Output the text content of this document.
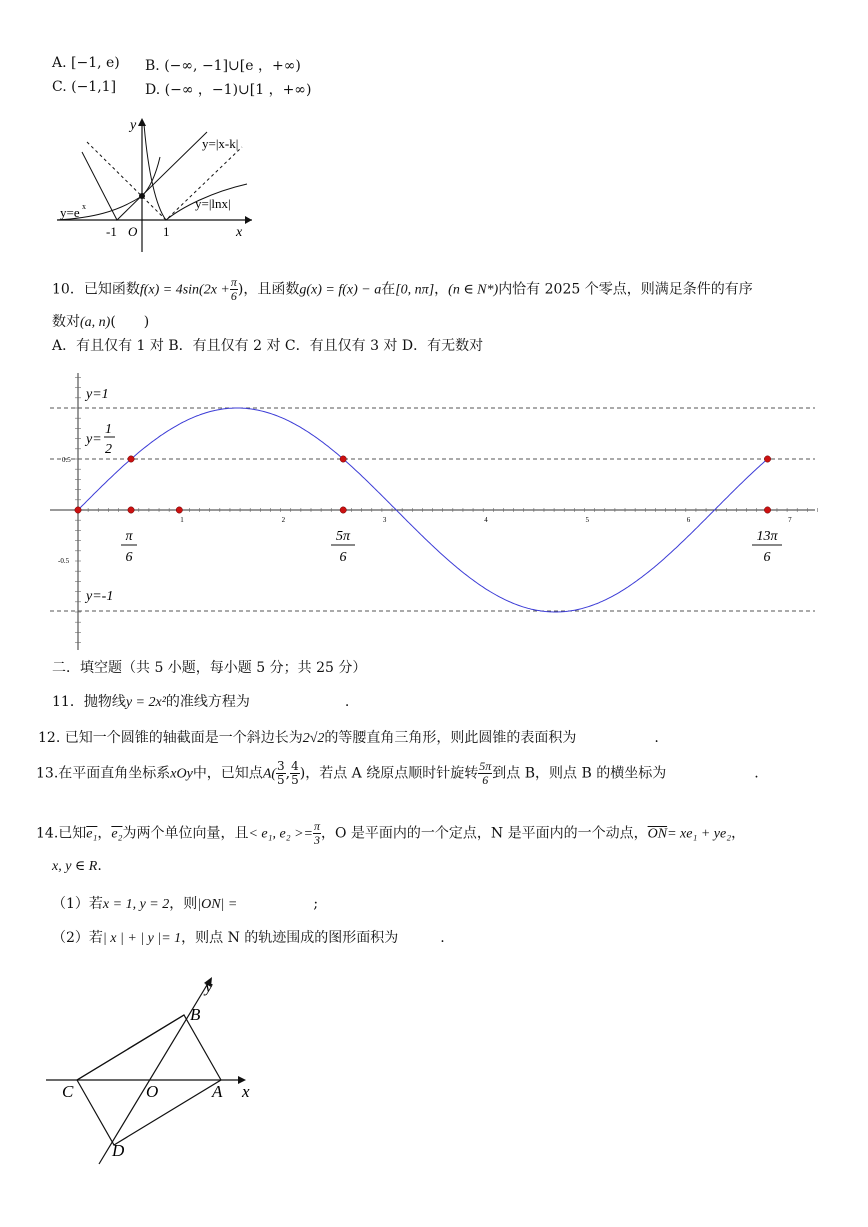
A. [−1, e) B. (−∞, −1]∪[e ，+∞)
C. (−1,1] D. (−∞ ，−1)∪[1 ，+∞)
y
x
y=|x-k|
y=e x	y=|lnx|
-1 O 1
10．已知函数$f(x) = 4\sin(2x + \frac{\pi}{6}$ )，且函数g(x) = f(x) − a在[0, nπ]，(n ∈ N*)内恰有 2025 个零点，则满足条件的有序
数对(a, n)(　　)
A．有且仅有 1 对 B．有且仅有 2 对 C．有且仅有 3 对 D．有无数对
y=1
y=
1
2
y=-1
0.5
-0.5
1	2	3	4	5	6	7
π
6
5π
6
13π
6
二．填空题（共 5 小题，每小题 5 分；共 25 分）
11．抛物线y = 2x²的准线方程为	.
12. 已知一个圆锥的轴截面是一个斜边长为2√2的等腰直角三角形，则此圆锥的表面积为	.
13.在平面直角坐标系xOy中，已知点$A( \frac{3}{5}$ , $\frac{4}{5}$ )，若点 A 绕原点顺时针旋转 $\frac{5\pi}{6}$ 到点 B，则点 B 的横坐标为	.
14.已知e₁，e₂为两个单位向量，且< e₁, $e_2 >= \frac{\pi}{3}$ ，O 是平面内的一个定点，N 是平面内的一个动点，$\overline{ON}= xe_1 + ye_2$，
x, y ∈ R.
（1）若x = 1, y = 2，则|ON| =	;
（2）若| x | + | y |= 1，则点 N 的轨迹围成的图形面积为	.
y
x
B
C	O	A
D
